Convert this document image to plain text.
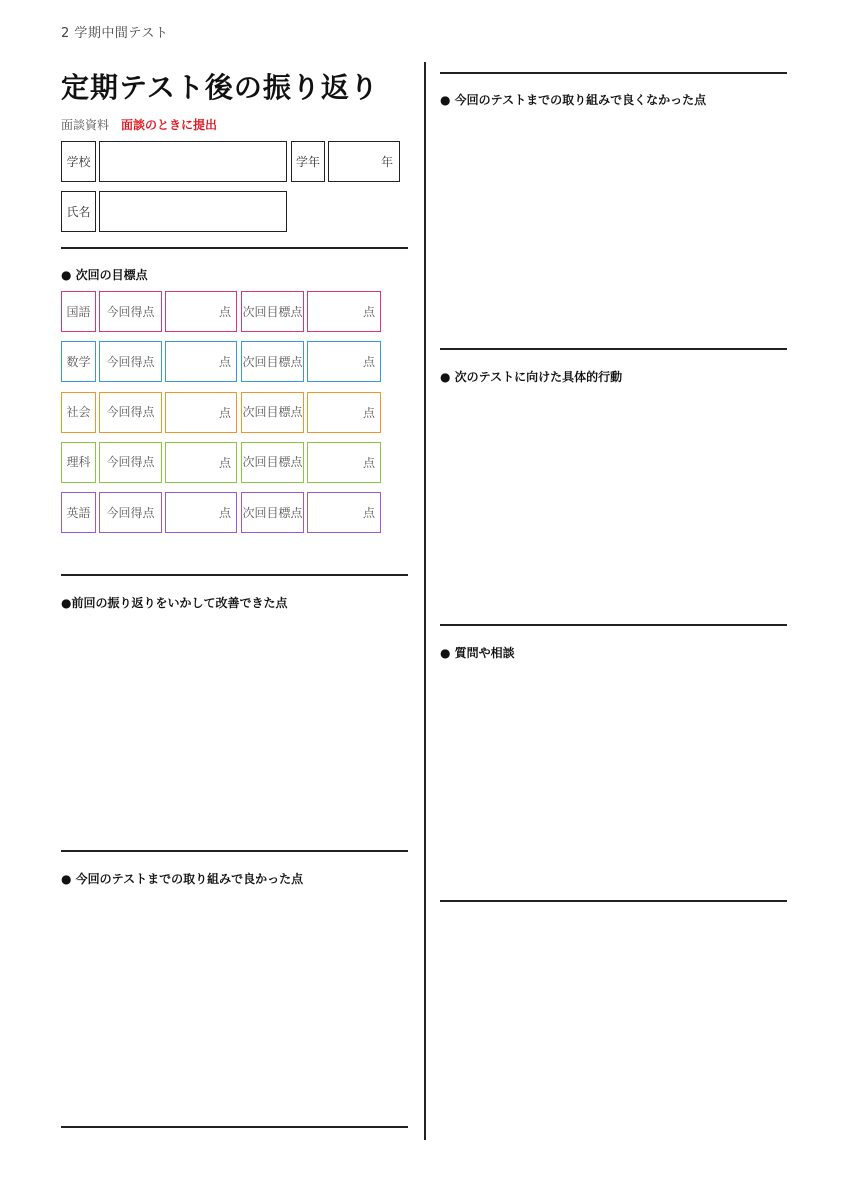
2 学期中間テスト
定期テスト後の振り返り
面談資料 面談のときに提出
学校	学年	年
氏名
● 次回の目標点
国語	今回 得点	点 次回 目標点	点
数学	今回 得点	点 次回 目標点	点
社会	今回 得点	点 次回 目標点	点
理科	今回 得点	点 次回 目標点	点
英語	今回 得点	点 次回 目標点	点
●前回の振り返りをいかして改善できた点
● 今回のテストまでの取り組みで良かった点
● 今回のテストまでの取り組みで良くなかった点
● 次のテストに向けた具体的行動
● 質問や相談
